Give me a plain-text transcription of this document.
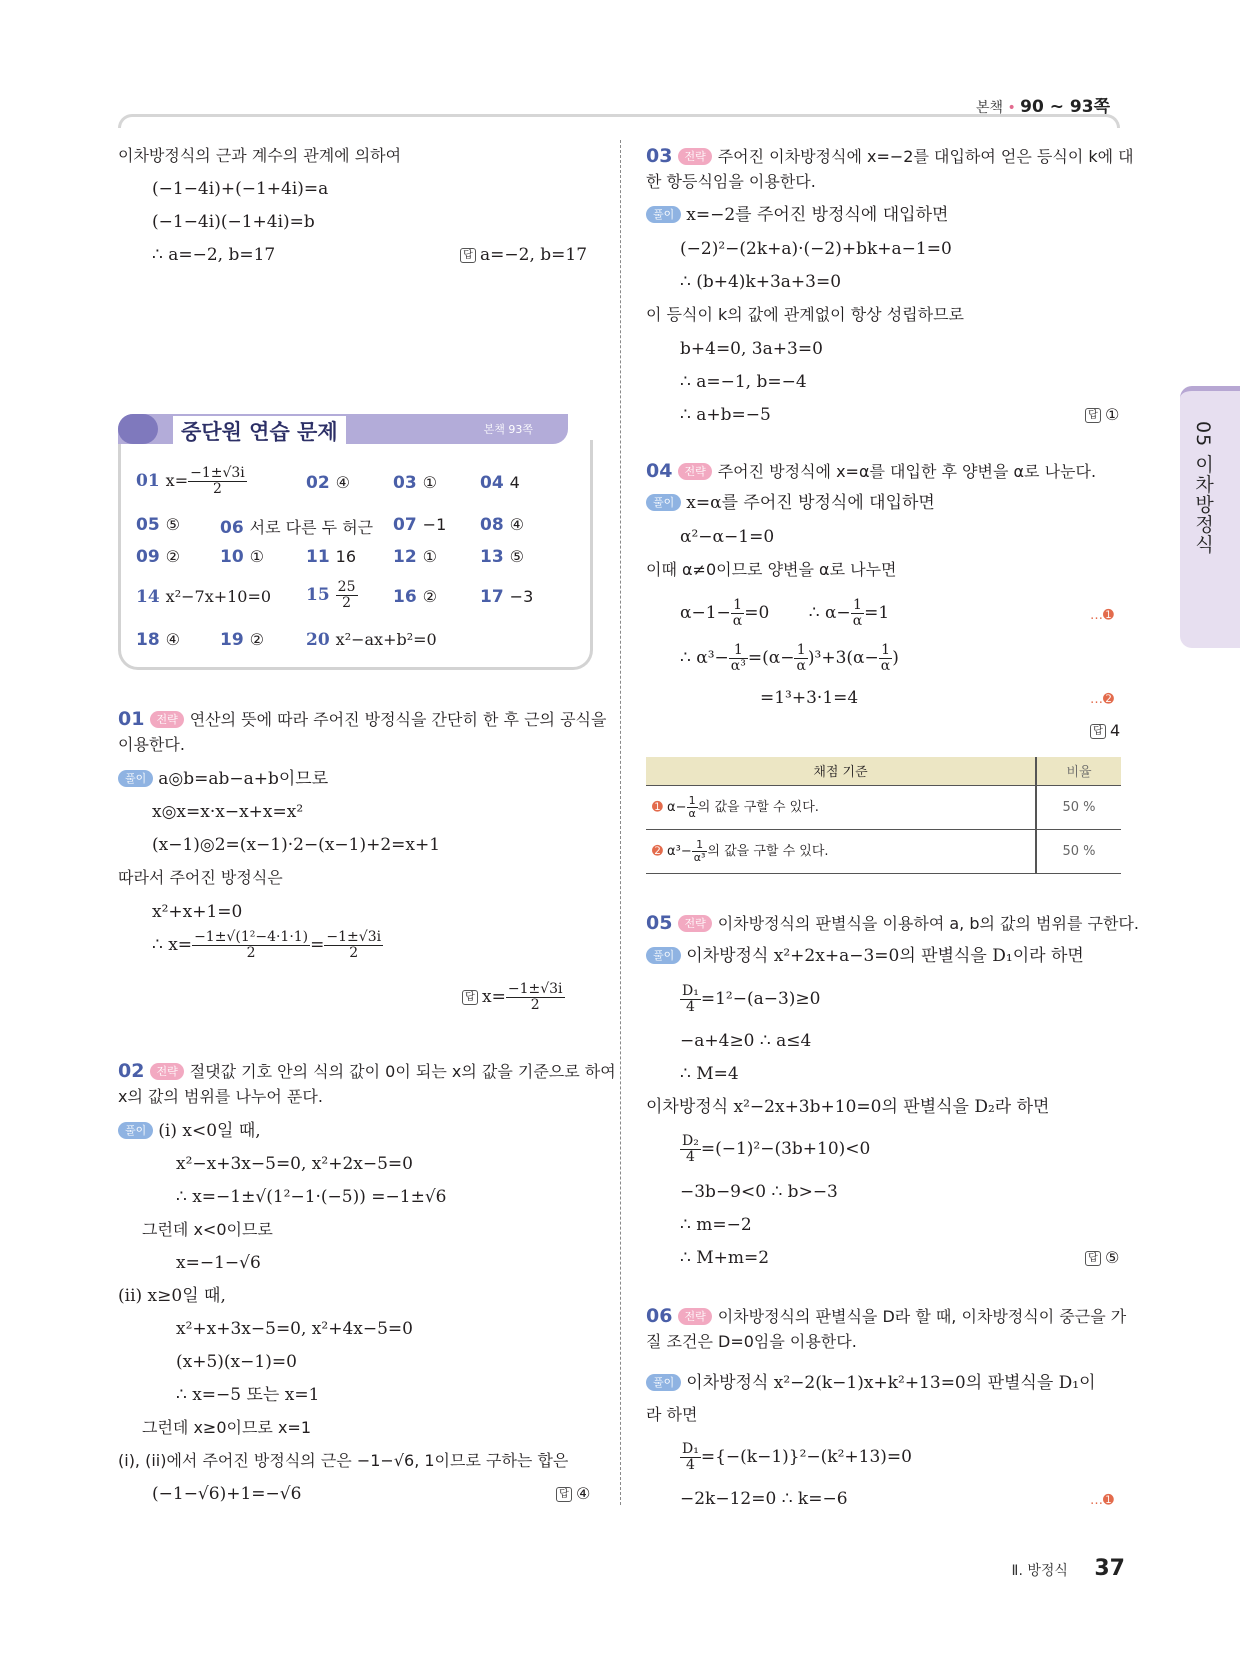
본책 • 90 ~ 93쪽
05 이차방정식
이차방정식의 근과 계수의 관계에 의하여
(−1−4i)+(−1+4i)=a
(−1−4i)(−1+4i)=b
∴ a=−2, b=17	답 a=−2, b=17
중단원 연습 문제	본책 93쪽
01 $x= \frac{-1\pm√3i}{2}$	02 ④	03 ①	04 4
05 ⑤ 06 서로 다른 두 허근 07 −1 08 ④
09 ② 10 ① 11 16 12 ①	13 ⑤
14 x²−7x+10=0 $15 \frac{25}{2} 16$ ②	17 −3
18 ④ 19 ② 20 x²−ax+b²=0
01 전략 연산의 뜻에 따라 주어진 방정식을 간단히 한 후 근의 공식을
이용한다.
풀이 a◎b=ab−a+b이므로
x◎x=x·x−x+x=x²
(x−1)◎2=(x−1)·2−(x−1)+2=x+1
따라서 주어진 방정식은
x²+x+1=0
∴ $x= \frac{\text{−1±√(1²−4·1·1)}}{2} = \frac{-1\pm√3i}{2}$
답 $x= \frac{-1\pm√3i}{2}$
02 전략 절댓값 기호 안의 식의 값이 0이 되는 x의 값을 기준으로 하여
x의 값의 범위를 나누어 푼다.
풀이 (i) x<0일 때,
x²−x+3x−5=0, x²+2x−5=0
∴ x=−1±√(1²−1·(−5)) =−1±√6
그런데 x<0이므로
x=−1−√6
(ii) x≥0일 때,
x²+x+3x−5=0, x²+4x−5=0
(x+5)(x−1)=0
∴ x=−5 또는 x=1
그런데 x≥0이므로 x=1
(i), (ii)에서 주어진 방정식의 근은 −1−√6, 1이므로 구하는 합은
(−1−√6)+1=−√6	답 ④
03 전략 주어진 이차방정식에 x=−2를 대입하여 얻은 등식이 k에 대
한 항등식임을 이용한다.
풀이 x=−2를 주어진 방정식에 대입하면
(−2)²−(2k+a)·(−2)+bk+a−1=0
∴ (b+4)k+3a+3=0
이 등식이 k의 값에 관계없이 항상 성립하므로
b+4=0, 3a+3=0
∴ a=−1, b=−4
∴ a+b=−5	답 ①
04 전략 주어진 방정식에 x=α를 대입한 후 양변을 α로 나눈다.
풀이 x=α를 주어진 방정식에 대입하면
α²−α−1=0
이때 α≠0이므로 양변을 α로 나누면
$\alpha-1- \frac{1}{\alpha} =0$ ∴ $\alpha- \frac{1}{\alpha} =1$	…➊
∴ $\alpha^3- \frac{1}{\text{α³}} =(\alpha- \frac{1}{\alpha} )^3+3(\alpha- \frac{1}{\alpha}$ )
=1³+3·1=4	…➋
답 4
채점 기준	비율
➊ $\alpha- \frac{1}{\alpha}$ 의 값을 구할 수 있다.	50 %
➋ $\alpha^3- \frac{1}{\text{α³}}$ 의 값을 구할 수 있다.	50 %
05 전략 이차방정식의 판별식을 이용하여 a, b의 값의 범위를 구한다.
풀이 이차방정식 x²+2x+a−3=0의 판별식을 D₁이라 하면
$\frac{\text{D₁}}{4} =1^2-(a-3)\ge 0$
−a+4≥0 ∴ a≤4
∴ M=4
이차방정식 x²−2x+3b+10=0의 판별식을 D₂라 하면
$\frac{\text{D₂}}{4} =(-1)^2-(3b+10)<0$
−3b−9<0 ∴ b>−3
∴ m=−2
∴ M+m=2	답 ⑤
06 전략 이차방정식의 판별식을 D라 할 때, 이차방정식이 중근을 가
질 조건은 D=0임을 이용한다.
풀이 이차방정식 x²−2(k−1)x+k²+13=0의 판별식을 D₁이
라 하면
$\frac{\text{D₁}}{4} =\{-(k-1)\}^2-(k^2+13)=0$
−2k−12=0 ∴ k=−6	…➊
Ⅱ. 방정식 37
